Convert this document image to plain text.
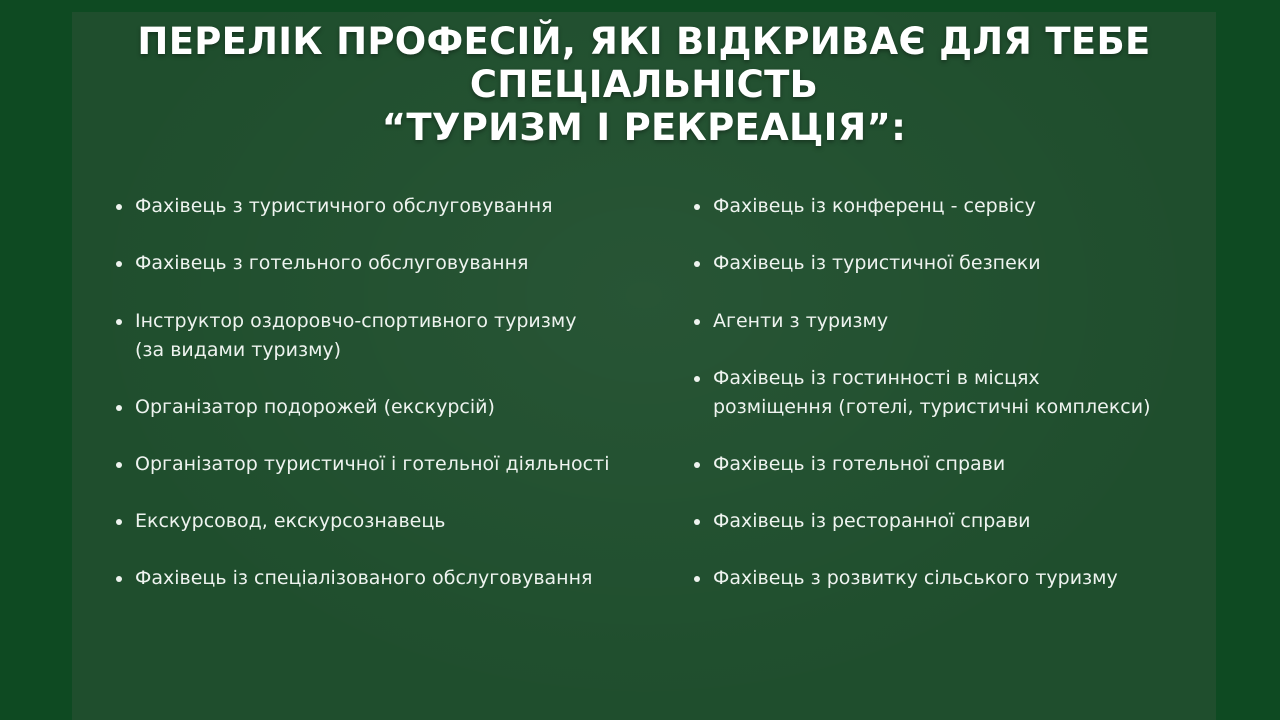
ПЕРЕЛІК ПРОФЕСІЙ, ЯКІ ВІДКРИВАЄ ДЛЯ ТЕБЕ
СПЕЦІАЛЬНІСТЬ
“ТУРИЗМ І РЕКРЕАЦІЯ”:
Фахівець з туристичного обслуговування
Фахівець з готельного обслуговування
Інструктор оздоровчо-спортивного туризму
(за видами туризму)
Організатор подорожей (екскурсій)
Організатор туристичної і готельної діяльності
Екскурсовод, екскурсознавець
Фахівець із спеціалізованого обслуговування
Фахівець із конференц - сервісу
Фахівець із туристичної безпеки
Агенти з туризму
Фахівець із гостинності в місцях
розміщення (готелі, туристичні комплекси)
Фахівець із готельної справи
Фахівець із ресторанної справи
Фахівець з розвитку сільського туризму
